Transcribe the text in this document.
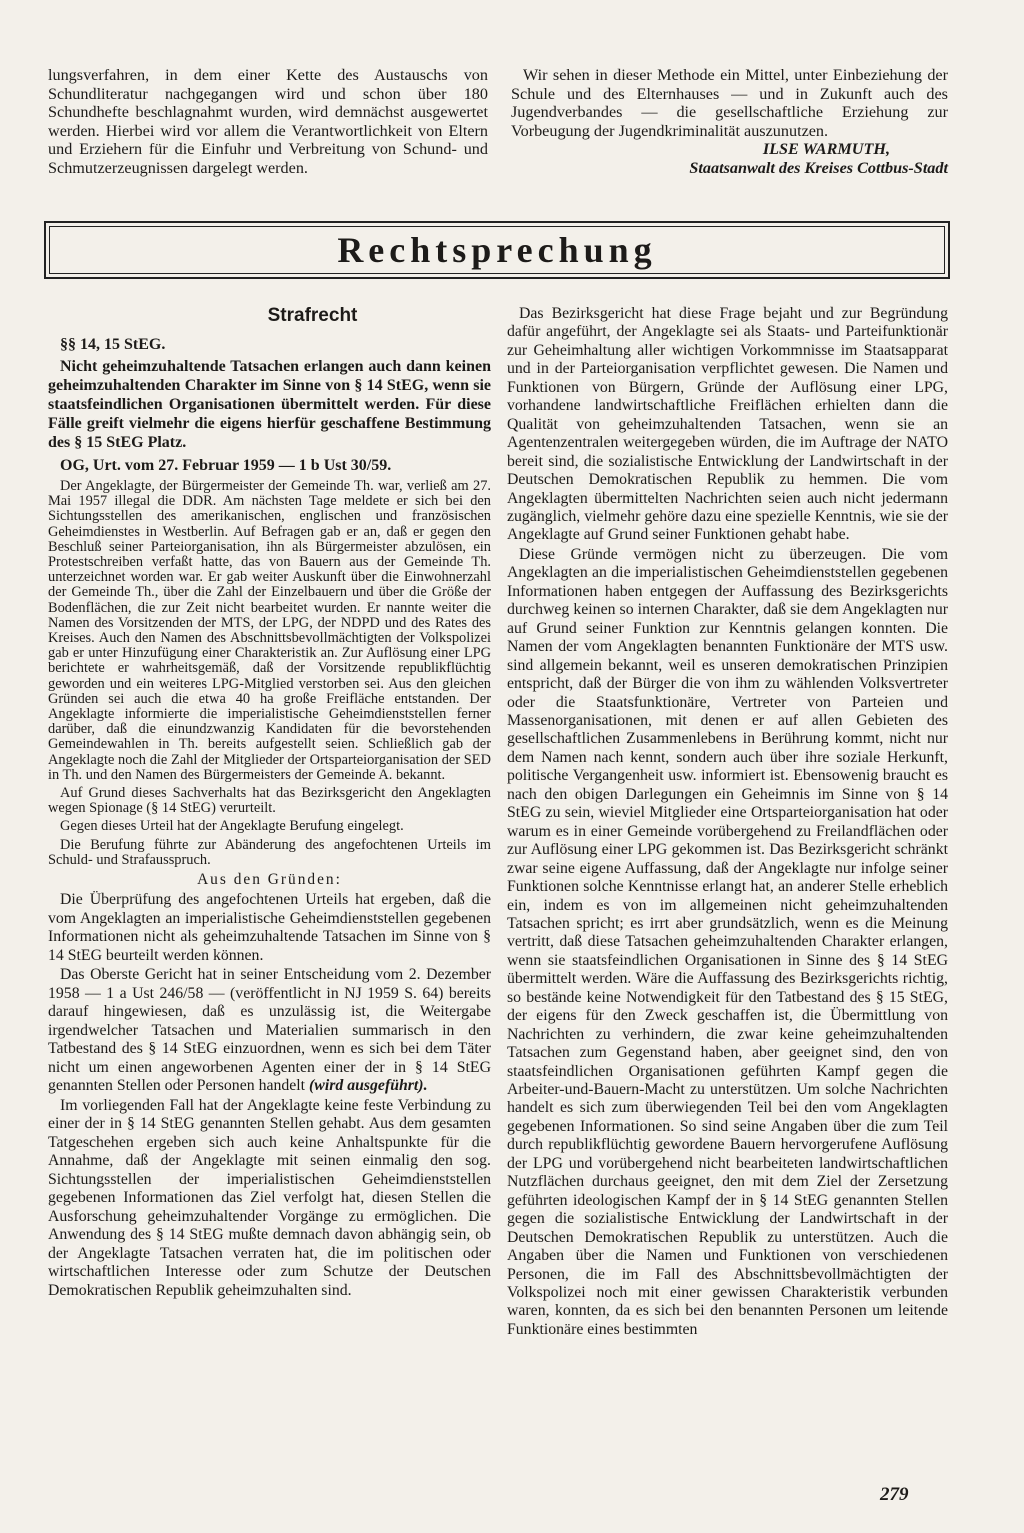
lungsverfahren, in dem einer Kette des Austauschs von Schundliteratur nachgegangen wird und schon über 180 Schundhefte beschlagnahmt wurden, wird demnächst ausgewertet werden. Hierbei wird vor allem die Verantwortlichkeit von Eltern und Erziehern für die Einfuhr und Verbreitung von Schund- und Schmutzerzeugnissen dargelegt werden.
Wir sehen in dieser Methode ein Mittel, unter Einbeziehung der Schule und des Elternhauses — und in Zukunft auch des Jugendverbandes — die gesellschaftliche Erziehung zur Vorbeugung der Jugendkriminalität auszunutzen.
ILSE WARMUTH,
Staatsanwalt des Kreises Cottbus-Stadt
Rechtsprechung

Strafrecht

§§ 14, 15 StEG.

Nicht geheimzuhaltende Tatsachen erlangen auch dann keinen geheimzuhaltenden Charakter im Sinne von § 14 StEG, wenn sie staatsfeindlichen Organisationen übermittelt werden. Für diese Fälle greift vielmehr die eigens hierfür geschaffene Bestimmung des § 15 StEG Platz.

OG, Urt. vom 27. Februar 1959 — 1 b Ust 30/59.

Der Angeklagte, der Bürgermeister der Gemeinde Th. war, verließ am 27. Mai 1957 illegal die DDR. Am nächsten Tage meldete er sich bei den Sichtungsstellen des amerikanischen, englischen und französischen Geheimdienstes in Westberlin. Auf Befragen gab er an, daß er gegen den Beschluß seiner Parteiorganisation, ihn als Bürgermeister abzulösen, ein Protestschreiben verfaßt hatte, das von Bauern aus der Gemeinde Th. unterzeichnet worden war. Er gab weiter Auskunft über die Einwohnerzahl der Gemeinde Th., über die Zahl der Einzelbauern und über die Größe der Bodenflächen, die zur Zeit nicht bearbeitet wurden. Er nannte weiter die Namen des Vorsitzenden der MTS, der LPG, der NDPD und des Rates des Kreises. Auch den Namen des Abschnittsbevollmächtigten der Volkspolizei gab er unter Hinzufügung einer Charakteristik an. Zur Auflösung einer LPG berichtete er wahrheitsgemäß, daß der Vorsitzende republikflüchtig geworden und ein weiteres LPG-Mitglied verstorben sei. Aus den gleichen Gründen sei auch die etwa 40 ha große Freifläche entstanden. Der Angeklagte informierte die imperialistische Geheimdienststellen ferner darüber, daß die einundzwanzig Kandidaten für die bevorstehenden Gemeindewahlen in Th. bereits aufgestellt seien. Schließlich gab der Angeklagte noch die Zahl der Mitglieder der Ortsparteiorganisation der SED in Th. und den Namen des Bürgermeisters der Gemeinde A. bekannt.

Auf Grund dieses Sachverhalts hat das Bezirksgericht den Angeklagten wegen Spionage (§ 14 StEG) verurteilt.

Gegen dieses Urteil hat der Angeklagte Berufung eingelegt.

Die Berufung führte zur Abänderung des angefochtenen Urteils im Schuld- und Strafausspruch.

Aus den Gründen:

Die Überprüfung des angefochtenen Urteils hat ergeben, daß die vom Angeklagten an imperialistische Geheimdienststellen gegebenen Informationen nicht als geheimzuhaltende Tatsachen im Sinne von § 14 StEG beurteilt werden können.

Das Oberste Gericht hat in seiner Entscheidung vom 2. Dezember 1958 — 1 a Ust 246/58 — (veröffentlicht in NJ 1959 S. 64) bereits darauf hingewiesen, daß es unzulässig ist, die Weitergabe irgendwelcher Tatsachen und Materialien summarisch in den Tatbestand des § 14 StEG einzuordnen, wenn es sich bei dem Täter nicht um einen angeworbenen Agenten einer der in § 14 StEG genannten Stellen oder Personen handelt (wird ausgeführt).

Im vorliegenden Fall hat der Angeklagte keine feste Verbindung zu einer der in § 14 StEG genannten Stellen gehabt. Aus dem gesamten Tatgeschehen ergeben sich auch keine Anhaltspunkte für die Annahme, daß der Angeklagte mit seinen einmalig den sog. Sichtungsstellen der imperialistischen Geheimdienststellen gegebenen Informationen das Ziel verfolgt hat, diesen Stellen die Ausforschung geheimzuhaltender Vorgänge zu ermöglichen. Die Anwendung des § 14 StEG mußte demnach davon abhängig sein, ob der Angeklagte Tatsachen verraten hat, die im politischen oder wirtschaftlichen Interesse oder zum Schutze der Deutschen Demokratischen Republik geheimzuhalten sind.

Das Bezirksgericht hat diese Frage bejaht und zur Begründung dafür angeführt, der Angeklagte sei als Staats- und Parteifunktionär zur Geheimhaltung aller wichtigen Vorkommnisse im Staatsapparat und in der Parteiorganisation verpflichtet gewesen. Die Namen und Funktionen von Bürgern, Gründe der Auflösung einer LPG, vorhandene landwirtschaftliche Freiflächen erhielten dann die Qualität von geheimzuhaltenden Tatsachen, wenn sie an Agentenzentralen weitergegeben würden, die im Auftrage der NATO bereit sind, die sozialistische Entwicklung der Landwirtschaft in der Deutschen Demokratischen Republik zu hemmen. Die vom Angeklagten übermittelten Nachrichten seien auch nicht jedermann zugänglich, vielmehr gehöre dazu eine spezielle Kenntnis, wie sie der Angeklagte auf Grund seiner Funktionen gehabt habe.

Diese Gründe vermögen nicht zu überzeugen. Die vom Angeklagten an die imperialistischen Geheimdienststellen gegebenen Informationen haben entgegen der Auffassung des Bezirksgerichts durchweg keinen so internen Charakter, daß sie dem Angeklagten nur auf Grund seiner Funktion zur Kenntnis gelangen konnten. Die Namen der vom Angeklagten benannten Funktionäre der MTS usw. sind allgemein bekannt, weil es unseren demokratischen Prinzipien entspricht, daß der Bürger die von ihm zu wählenden Volksvertreter oder die Staatsfunktionäre, Vertreter von Parteien und Massenorganisationen, mit denen er auf allen Gebieten des gesellschaftlichen Zusammenlebens in Berührung kommt, nicht nur dem Namen nach kennt, sondern auch über ihre soziale Herkunft, politische Vergangenheit usw. informiert ist. Ebensowenig braucht es nach den obigen Darlegungen ein Geheimnis im Sinne von § 14 StEG zu sein, wieviel Mitglieder eine Ortsparteiorganisation hat oder warum es in einer Gemeinde vorübergehend zu Freilandflächen oder zur Auflösung einer LPG gekommen ist. Das Bezirksgericht schränkt zwar seine eigene Auffassung, daß der Angeklagte nur infolge seiner Funktionen solche Kenntnisse erlangt hat, an anderer Stelle erheblich ein, indem es von im allgemeinen nicht geheimzuhaltenden Tatsachen spricht; es irrt aber grundsätzlich, wenn es die Meinung vertritt, daß diese Tatsachen geheimzuhaltenden Charakter erlangen, wenn sie staatsfeindlichen Organisationen in Sinne des § 14 StEG übermittelt werden. Wäre die Auffassung des Bezirksgerichts richtig, so bestände keine Notwendigkeit für den Tatbestand des § 15 StEG, der eigens für den Zweck geschaffen ist, die Übermittlung von Nachrichten zu verhindern, die zwar keine geheimzuhaltenden Tatsachen zum Gegenstand haben, aber geeignet sind, den von staatsfeindlichen Organisationen geführten Kampf gegen die Arbeiter-und-Bauern-Macht zu unterstützen. Um solche Nachrichten handelt es sich zum überwiegenden Teil bei den vom Angeklagten gegebenen Informationen. So sind seine Angaben über die zum Teil durch republikflüchtig gewordene Bauern hervorgerufene Auflösung der LPG und vorübergehend nicht bearbeiteten landwirtschaftlichen Nutzflächen durchaus geeignet, den mit dem Ziel der Zersetzung geführten ideologischen Kampf der in § 14 StEG genannten Stellen gegen die sozialistische Entwicklung der Landwirtschaft in der Deutschen Demokratischen Republik zu unterstützen. Auch die Angaben über die Namen und Funktionen von verschiedenen Personen, die im Fall des Abschnittsbevollmächtigten der Volkspolizei noch mit einer gewissen Charakteristik verbunden waren, konnten, da es sich bei den benannten Personen um leitende Funktionäre eines bestimmten

279
